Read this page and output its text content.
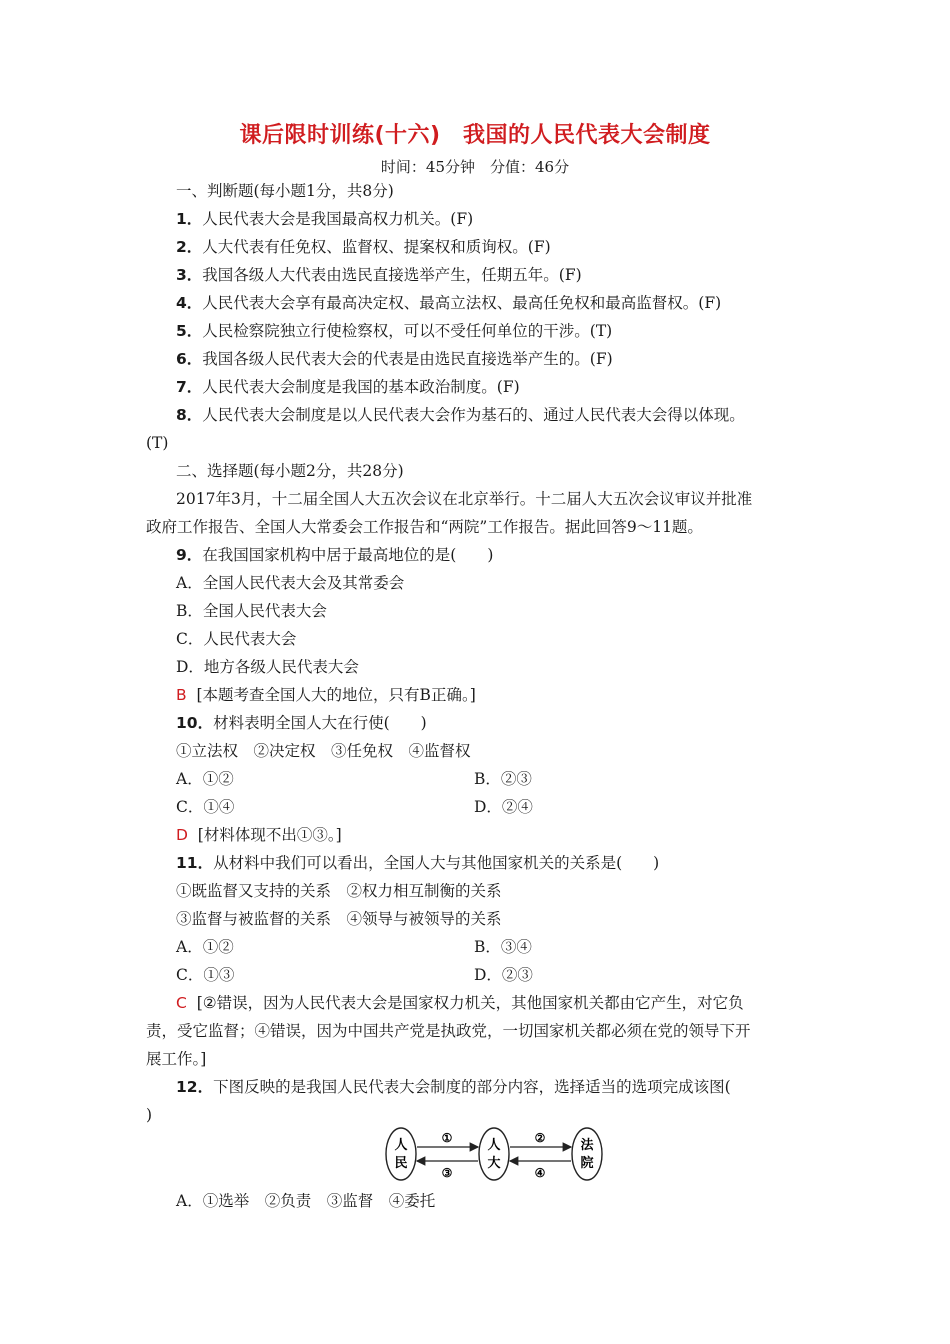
课后限时训练(十六)　我国的人民代表大会制度
时间：45分钟　分值：46分
一、判断题(每小题1分，共8分)
1．人民代表大会是我国最高权力机关。(F)
2．人大代表有任免权、监督权、提案权和质询权。(F)
3．我国各级人大代表由选民直接选举产生，任期五年。(F)
4．人民代表大会享有最高决定权、最高立法权、最高任免权和最高监督权。(F)
5．人民检察院独立行使检察权，可以不受任何单位的干涉。(T)
6．我国各级人民代表大会的代表是由选民直接选举产生的。(F)
7．人民代表大会制度是我国的基本政治制度。(F)
8．人民代表大会制度是以人民代表大会作为基石的、通过人民代表大会得以体现。
(T)
二、选择题(每小题2分，共28分)
2017年3月，十二届全国人大五次会议在北京举行。十二届人大五次会议审议并批准
政府工作报告、全国人大常委会工作报告和“两院”工作报告。据此回答9～11题。
9．在我国国家机构中居于最高地位的是(　　)
A．全国人民代表大会及其常委会
B．全国人民代表大会
C．人民代表大会
D．地方各级人民代表大会
B [本题考查全国人大的地位，只有B正确。]
10．材料表明全国人大在行使(　　)
①立法权　②决定权　③任免权　④监督权
A．①②	B．②③
C．①④	D．②④
D [材料体现不出①③。]
11．从材料中我们可以看出，全国人大与其他国家机关的关系是(　　)
①既监督又支持的关系　②权力相互制衡的关系
③监督与被监督的关系　④领导与被领导的关系
A．①②	B．③④
C．①③	D．②③
C [②错误，因为人民代表大会是国家权力机关，其他国家机关都由它产生，对它负
责，受它监督；④错误，因为中国共产党是执政党，一切国家机关都必须在党的领导下开
展工作。]
12．下图反映的是我国人民代表大会制度的部分内容，选择适当的选项完成该图(
)
人
民
人
大
法
院
①
③
②
④
A．①选举　②负责　③监督　④委托
